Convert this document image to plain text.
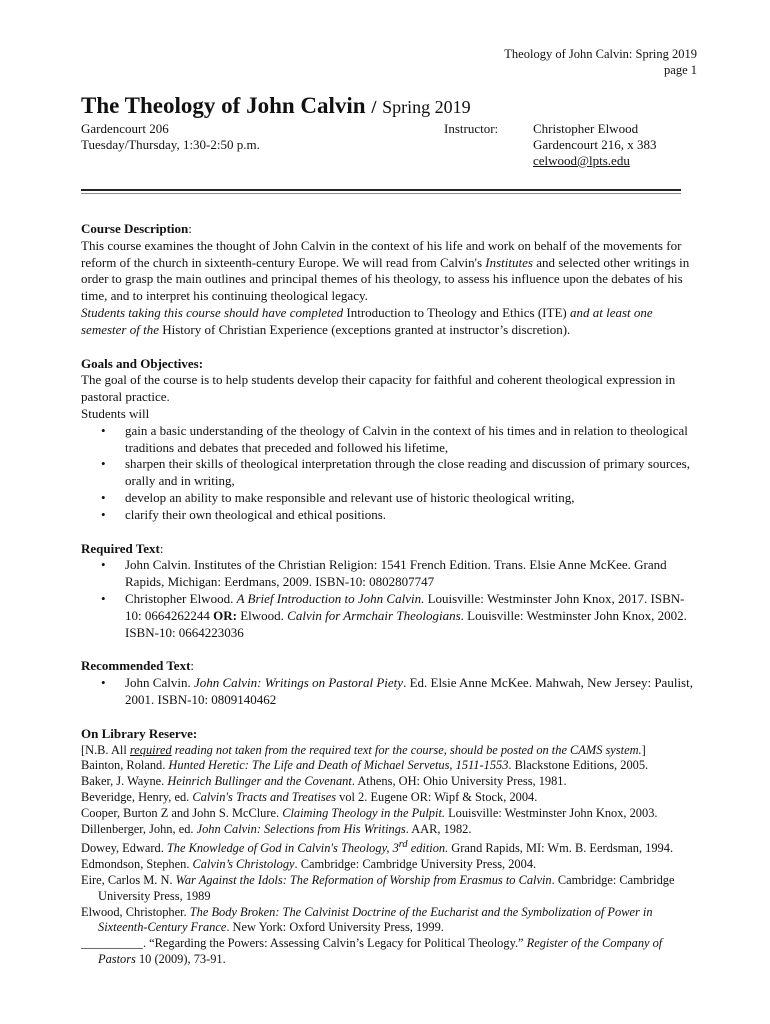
Theology of John Calvin: Spring 2019
page 1
The Theology of John Calvin / Spring 2019
Gardencourt 206
Tuesday/Thursday, 1:30-2:50 p.m.
Instructor:	Christopher Elwood
Gardencourt 216, x 383
celwood@lpts.edu
Course Description:

This course examines the thought of John Calvin in the context of his life and work on behalf of the movements for reform of the church in sixteenth-century Europe. We will read from Calvin's Institutes and selected other writings in order to grasp the main outlines and principal themes of his theology, to assess his influence upon the debates of his time, and to interpret his continuing theological legacy.

Students taking this course should have completed Introduction to Theology and Ethics (ITE) and at least one semester of the History of Christian Experience (exceptions granted at instructor’s discretion).

Goals and Objectives:

The goal of the course is to help students develop their capacity for faithful and coherent theological expression in pastoral practice.

Students will

• gain a basic understanding of the theology of Calvin in the context of his times and in relation to theological traditions and debates that preceded and followed his lifetime,
• sharpen their skills of theological interpretation through the close reading and discussion of primary sources, orally and in writing,
• develop an ability to make responsible and relevant use of historic theological writing,
• clarify their own theological and ethical positions.
Required Text:
• John Calvin. Institutes of the Christian Religion: 1541 French Edition. Trans. Elsie Anne McKee. Grand Rapids, Michigan: Eerdmans, 2009. ISBN-10: 0802807747
• Christopher Elwood. A Brief Introduction to John Calvin. Louisville: Westminster John Knox, 2017. ISBN-10: 0664262244 OR: Elwood. Calvin for Armchair Theologians. Louisville: Westminster John Knox, 2002. ISBN-10: 0664223036
Recommended Text:
• John Calvin. John Calvin: Writings on Pastoral Piety. Ed. Elsie Anne McKee. Mahwah, New Jersey: Paulist, 2001. ISBN-10: 0809140462
On Library Reserve:
[N.B. All required reading not taken from the required text for the course, should be posted on the CAMS system.]

Bainton, Roland. Hunted Heretic: The Life and Death of Michael Servetus, 1511-1553. Blackstone Editions, 2005.

Baker, J. Wayne. Heinrich Bullinger and the Covenant. Athens, OH: Ohio University Press, 1981.

Beveridge, Henry, ed. Calvin's Tracts and Treatises vol 2. Eugene OR: Wipf & Stock, 2004.

Cooper, Burton Z and John S. McClure. Claiming Theology in the Pulpit. Louisville: Westminster John Knox, 2003.

Dillenberger, John, ed. John Calvin: Selections from His Writings. AAR, 1982.

Dowey, Edward. The Knowledge of God in Calvin's Theology, 3rd edition. Grand Rapids, MI: Wm. B. Eerdsman, 1994.

Edmondson, Stephen. Calvin’s Christology. Cambridge: Cambridge University Press, 2004.

Eire, Carlos M. N. War Against the Idols: The Reformation of Worship from Erasmus to Calvin. Cambridge: Cambridge University Press, 1989

Elwood, Christopher. The Body Broken: The Calvinist Doctrine of the Eucharist and the Symbolization of Power in Sixteenth-Century France. New York: Oxford University Press, 1999.

__________. “Regarding the Powers: Assessing Calvin’s Legacy for Political Theology.” Register of the Company of Pastors 10 (2009), 73-91.
